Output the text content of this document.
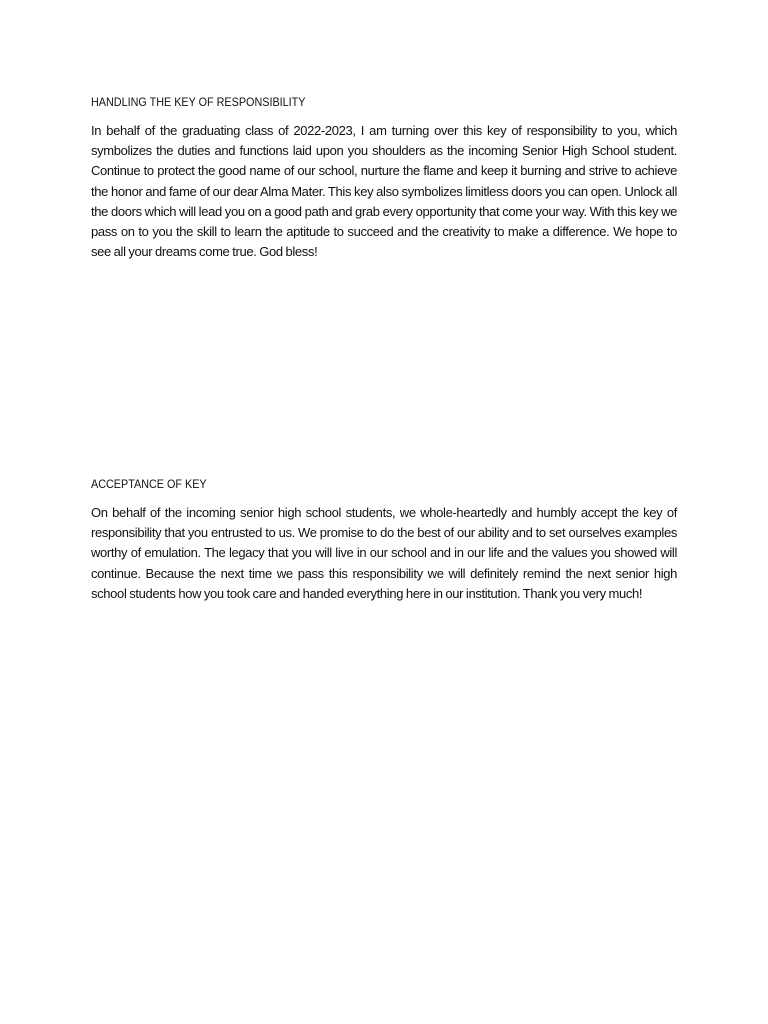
HANDLING THE KEY OF RESPONSIBILITY

In behalf of the graduating class of 2022-2023, I am turning over this key of responsibility to you, which symbolizes the duties and functions laid upon you shoulders as the incoming Senior High School student. Continue to protect the good name of our school, nurture the flame and keep it burning and strive to achieve the honor and fame of our dear Alma Mater. This key also symbolizes limitless doors you can open. Unlock all the doors which will lead you on a good path and grab every opportunity that come your way. With this key we pass on to you the skill to learn the aptitude to succeed and the creativity to make a difference. We hope to see all your dreams come true. God bless!

ACCEPTANCE OF KEY

On behalf of the incoming senior high school students, we whole-heartedly and humbly accept the key of responsibility that you entrusted to us. We promise to do the best of our ability and to set ourselves examples worthy of emulation. The legacy that you will live in our school and in our life and the values you showed will continue. Because the next time we pass this responsibility we will definitely remind the next senior high school students how you took care and handed everything here in our institution. Thank you very much!
